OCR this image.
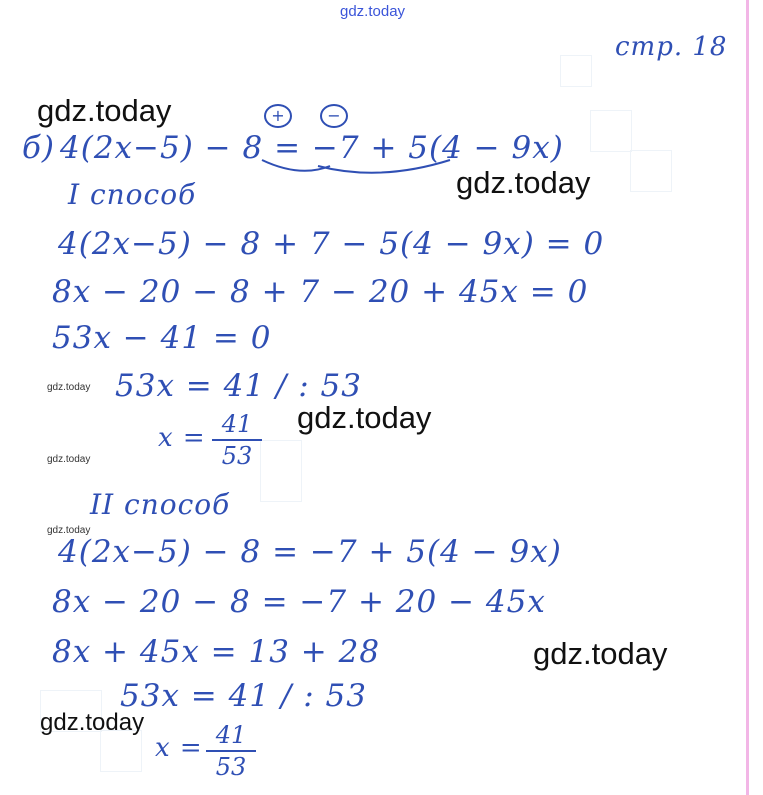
gdz.today
gdz.today
gdz.today
gdz.today
gdz.today
gdz.today
gdz.today
gdz.today
gdz.today
стр. 18
+	−
б) 4(2x−5) − 8 = −7 + 5(4 − 9x)
I способ
4(2x−5) − 8 + 7 − 5(4 − 9x) = 0
8x − 20 − 8 + 7 − 20 + 45x = 0
53x − 41 = 0
53x = 41 / : 53
x = 41
53
II способ
4(2x−5) − 8 = −7 + 5(4 − 9x)
8x − 20 − 8 = −7 + 20 − 45x
8x + 45x = 13 + 28
53x = 41 / : 53
x = 41
53
